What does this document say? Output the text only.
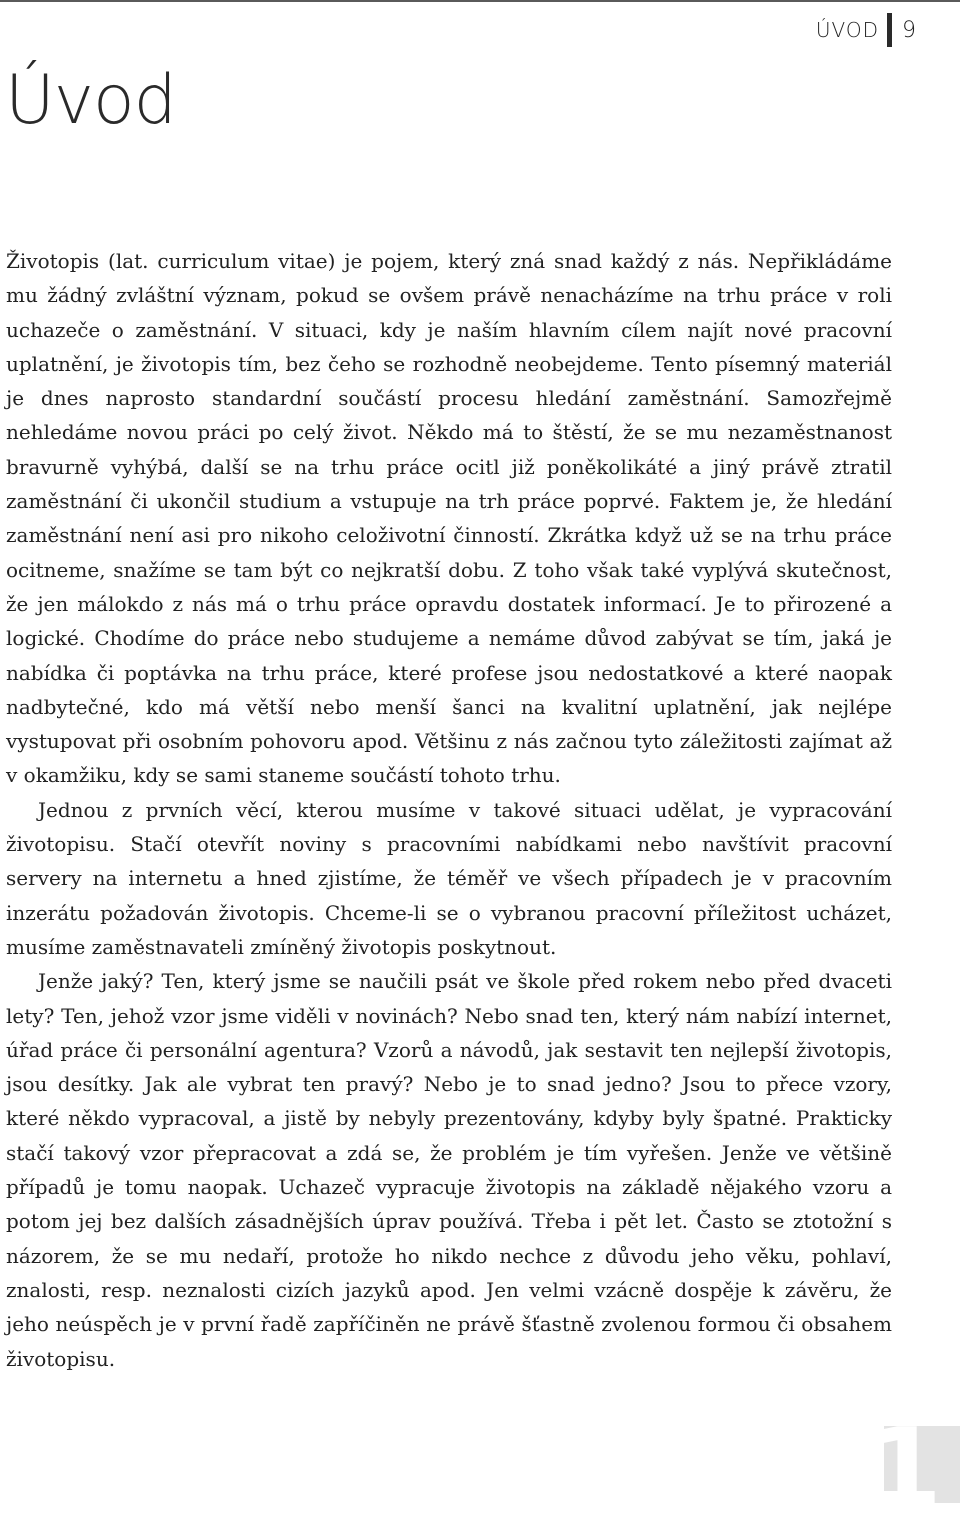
ÚVOD 9
Úvod

Životopis (lat. curriculum vitae) je pojem, který zná snad každý z nás. Nepřikládáme mu žádný zvláštní význam, pokud se ovšem právě nenacházíme na trhu práce v roli uchazeče o zaměstnání. V situaci, kdy je naším hlavním cílem najít nové pracovní uplatnění, je životopis tím, bez čeho se rozhodně neobejdeme. Tento písemný materiál je dnes naprosto standardní součástí procesu hledání zaměstnání. Samozřejmě nehledáme novou práci po celý život. Někdo má to štěstí, že se mu nezaměstnanost bravurně vyhýbá, další se na trhu práce ocitl již poněkolikáté a jiný právě ztratil zaměstnání či ukončil studium a vstupuje na trh práce poprvé. Faktem je, že hledání zaměstnání není asi pro nikoho celoživotní činností. Zkrátka když už se na trhu práce ocitneme, snažíme se tam být co nejkratší dobu. Z toho však také vyplývá skutečnost, že jen málokdo z nás má o trhu práce opravdu dostatek informací. Je to přirozené a logické. Chodíme do práce nebo studujeme a nemáme důvod zabývat se tím, jaká je nabídka či poptávka na trhu práce, které profese jsou nedostatkové a které naopak nadbytečné, kdo má větší nebo menší šanci na kvalitní uplatnění, jak nejlépe vystupovat při osobním pohovoru apod. Většinu z nás začnou tyto záležitosti zajímat až v okamžiku, kdy se sami staneme součástí tohoto trhu.

Jednou z prvních věcí, kterou musíme v takové situaci udělat, je vypracování životopisu. Stačí otevřít noviny s pracovními nabídkami nebo navštívit pracovní servery na internetu a hned zjistíme, že téměř ve všech případech je v pracovním inzerátu požadován životopis. Chceme-li se o vybranou pracovní příležitost ucházet, musíme zaměstnavateli zmíněný životopis poskytnout.

Jenže jaký? Ten, který jsme se naučili psát ve škole před rokem nebo před dvaceti lety? Ten, jehož vzor jsme viděli v novinách? Nebo snad ten, který nám nabízí internet, úřad práce či personální agentura? Vzorů a návodů, jak sestavit ten nejlepší životopis, jsou desítky. Jak ale vybrat ten pravý? Nebo je to snad jedno? Jsou to přece vzory, které někdo vypracoval, a jistě by nebyly prezentovány, kdyby byly špatné. Prakticky stačí takový vzor přepracovat a zdá se, že problém je tím vyřešen. Jenže ve většině případů je tomu naopak. Uchazeč vypracuje životopis na základě nějakého vzoru a potom jej bez dalších zásadnějších úprav používá. Třeba i pět let. Často se ztotožní s názorem, že se mu nedaří, protože ho nikdo nechce z důvodu jeho věku, pohlaví, znalosti, resp. neznalosti cizích jazyků apod. Jen velmi vzácně dospěje k závěru, že jeho neúspěch je v první řadě zapříčiněn ne právě šťastně zvolenou formou či obsahem životopisu.

1
